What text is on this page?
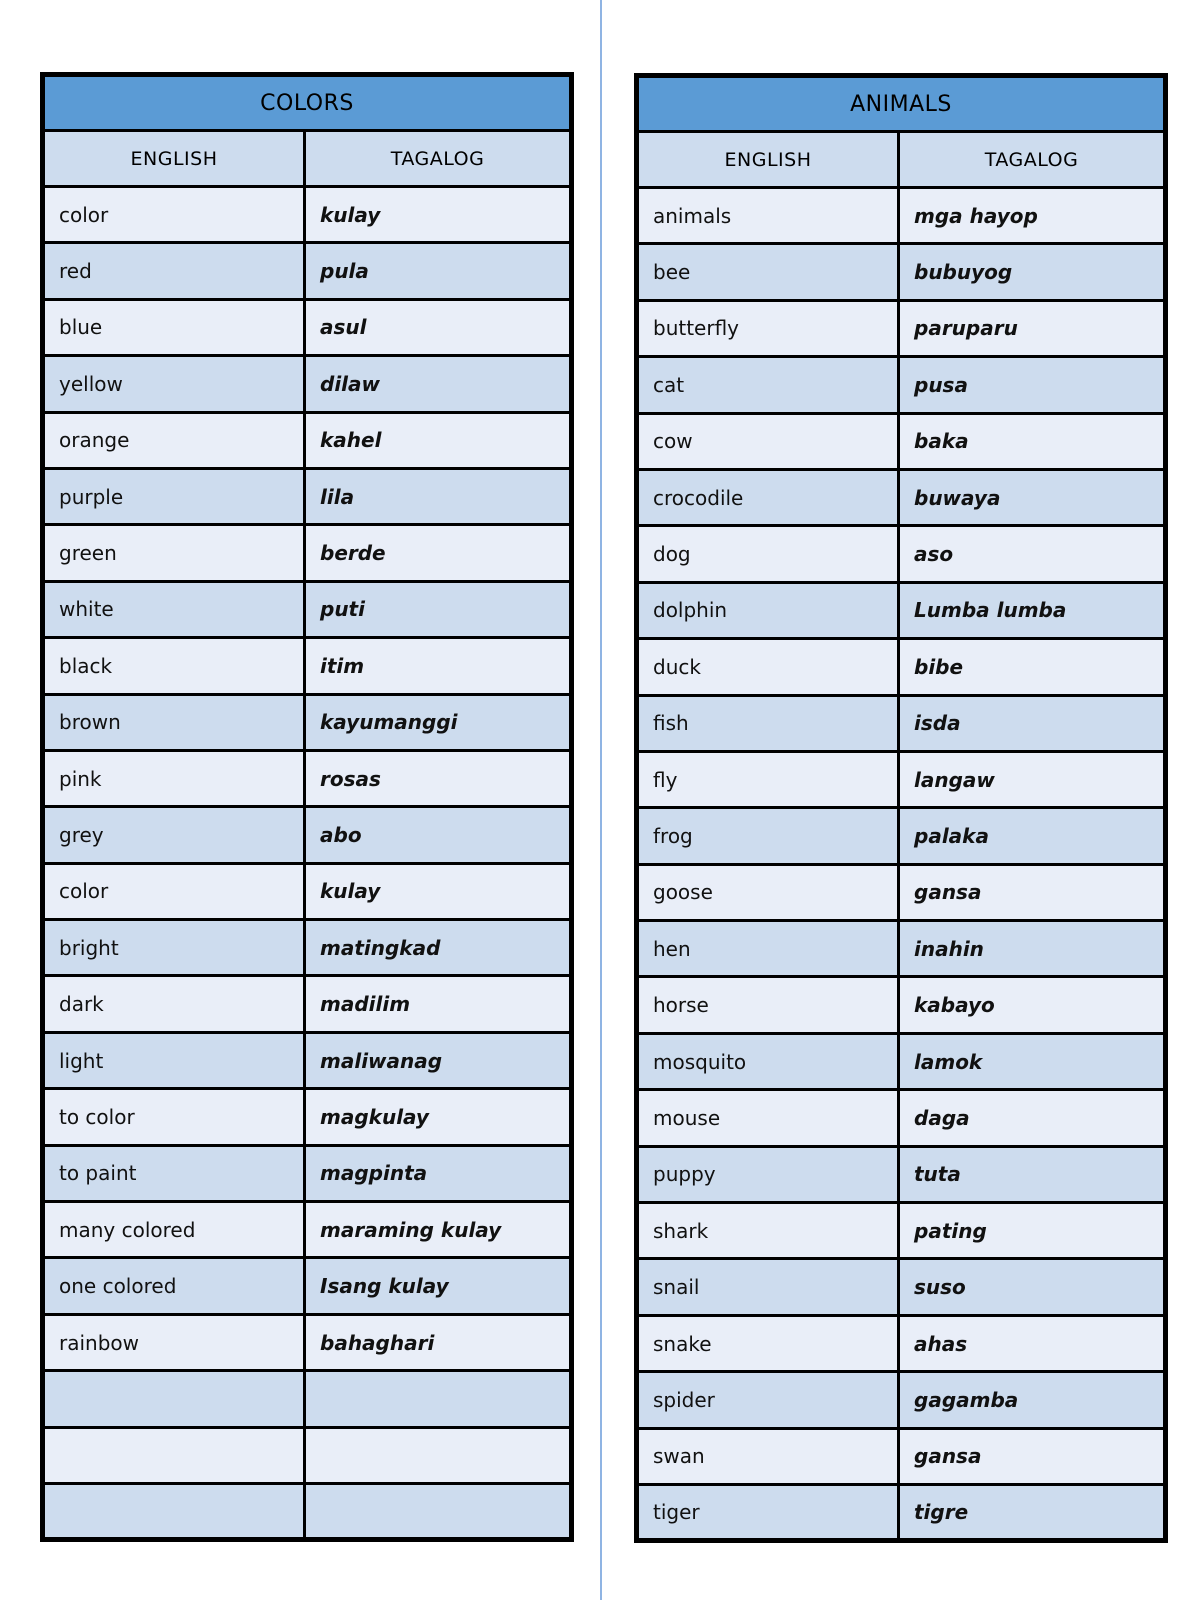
COLORS	
ENGLISH	TAGALOG
color	kulay
red	pula
blue	asul
yellow	dilaw
orange	kahel
purple	lila
green	berde
white	puti
black	itim
brown	kayumanggi
pink	rosas
grey	abo
color	kulay
bright	matingkad
dark	madilim
light	maliwanag
to color	magkulay
to paint	magpinta
many colored	maraming kulay
one colored	Isang kulay
rainbow	bahaghari

ANIMALS	
ENGLISH	TAGALOG
animals	mga hayop
bee	bubuyog
butterfly	paruparu
cat	pusa
cow	baka
crocodile	buwaya
dog	aso
dolphin	Lumba lumba
duck	bibe
fish	isda
fly	langaw
frog	palaka
goose	gansa
hen	inahin
horse	kabayo
mosquito	lamok
mouse	daga
puppy	tuta
shark	pating
snail	suso
snake	ahas
spider	gagamba
swan	gansa
tiger	tigre
